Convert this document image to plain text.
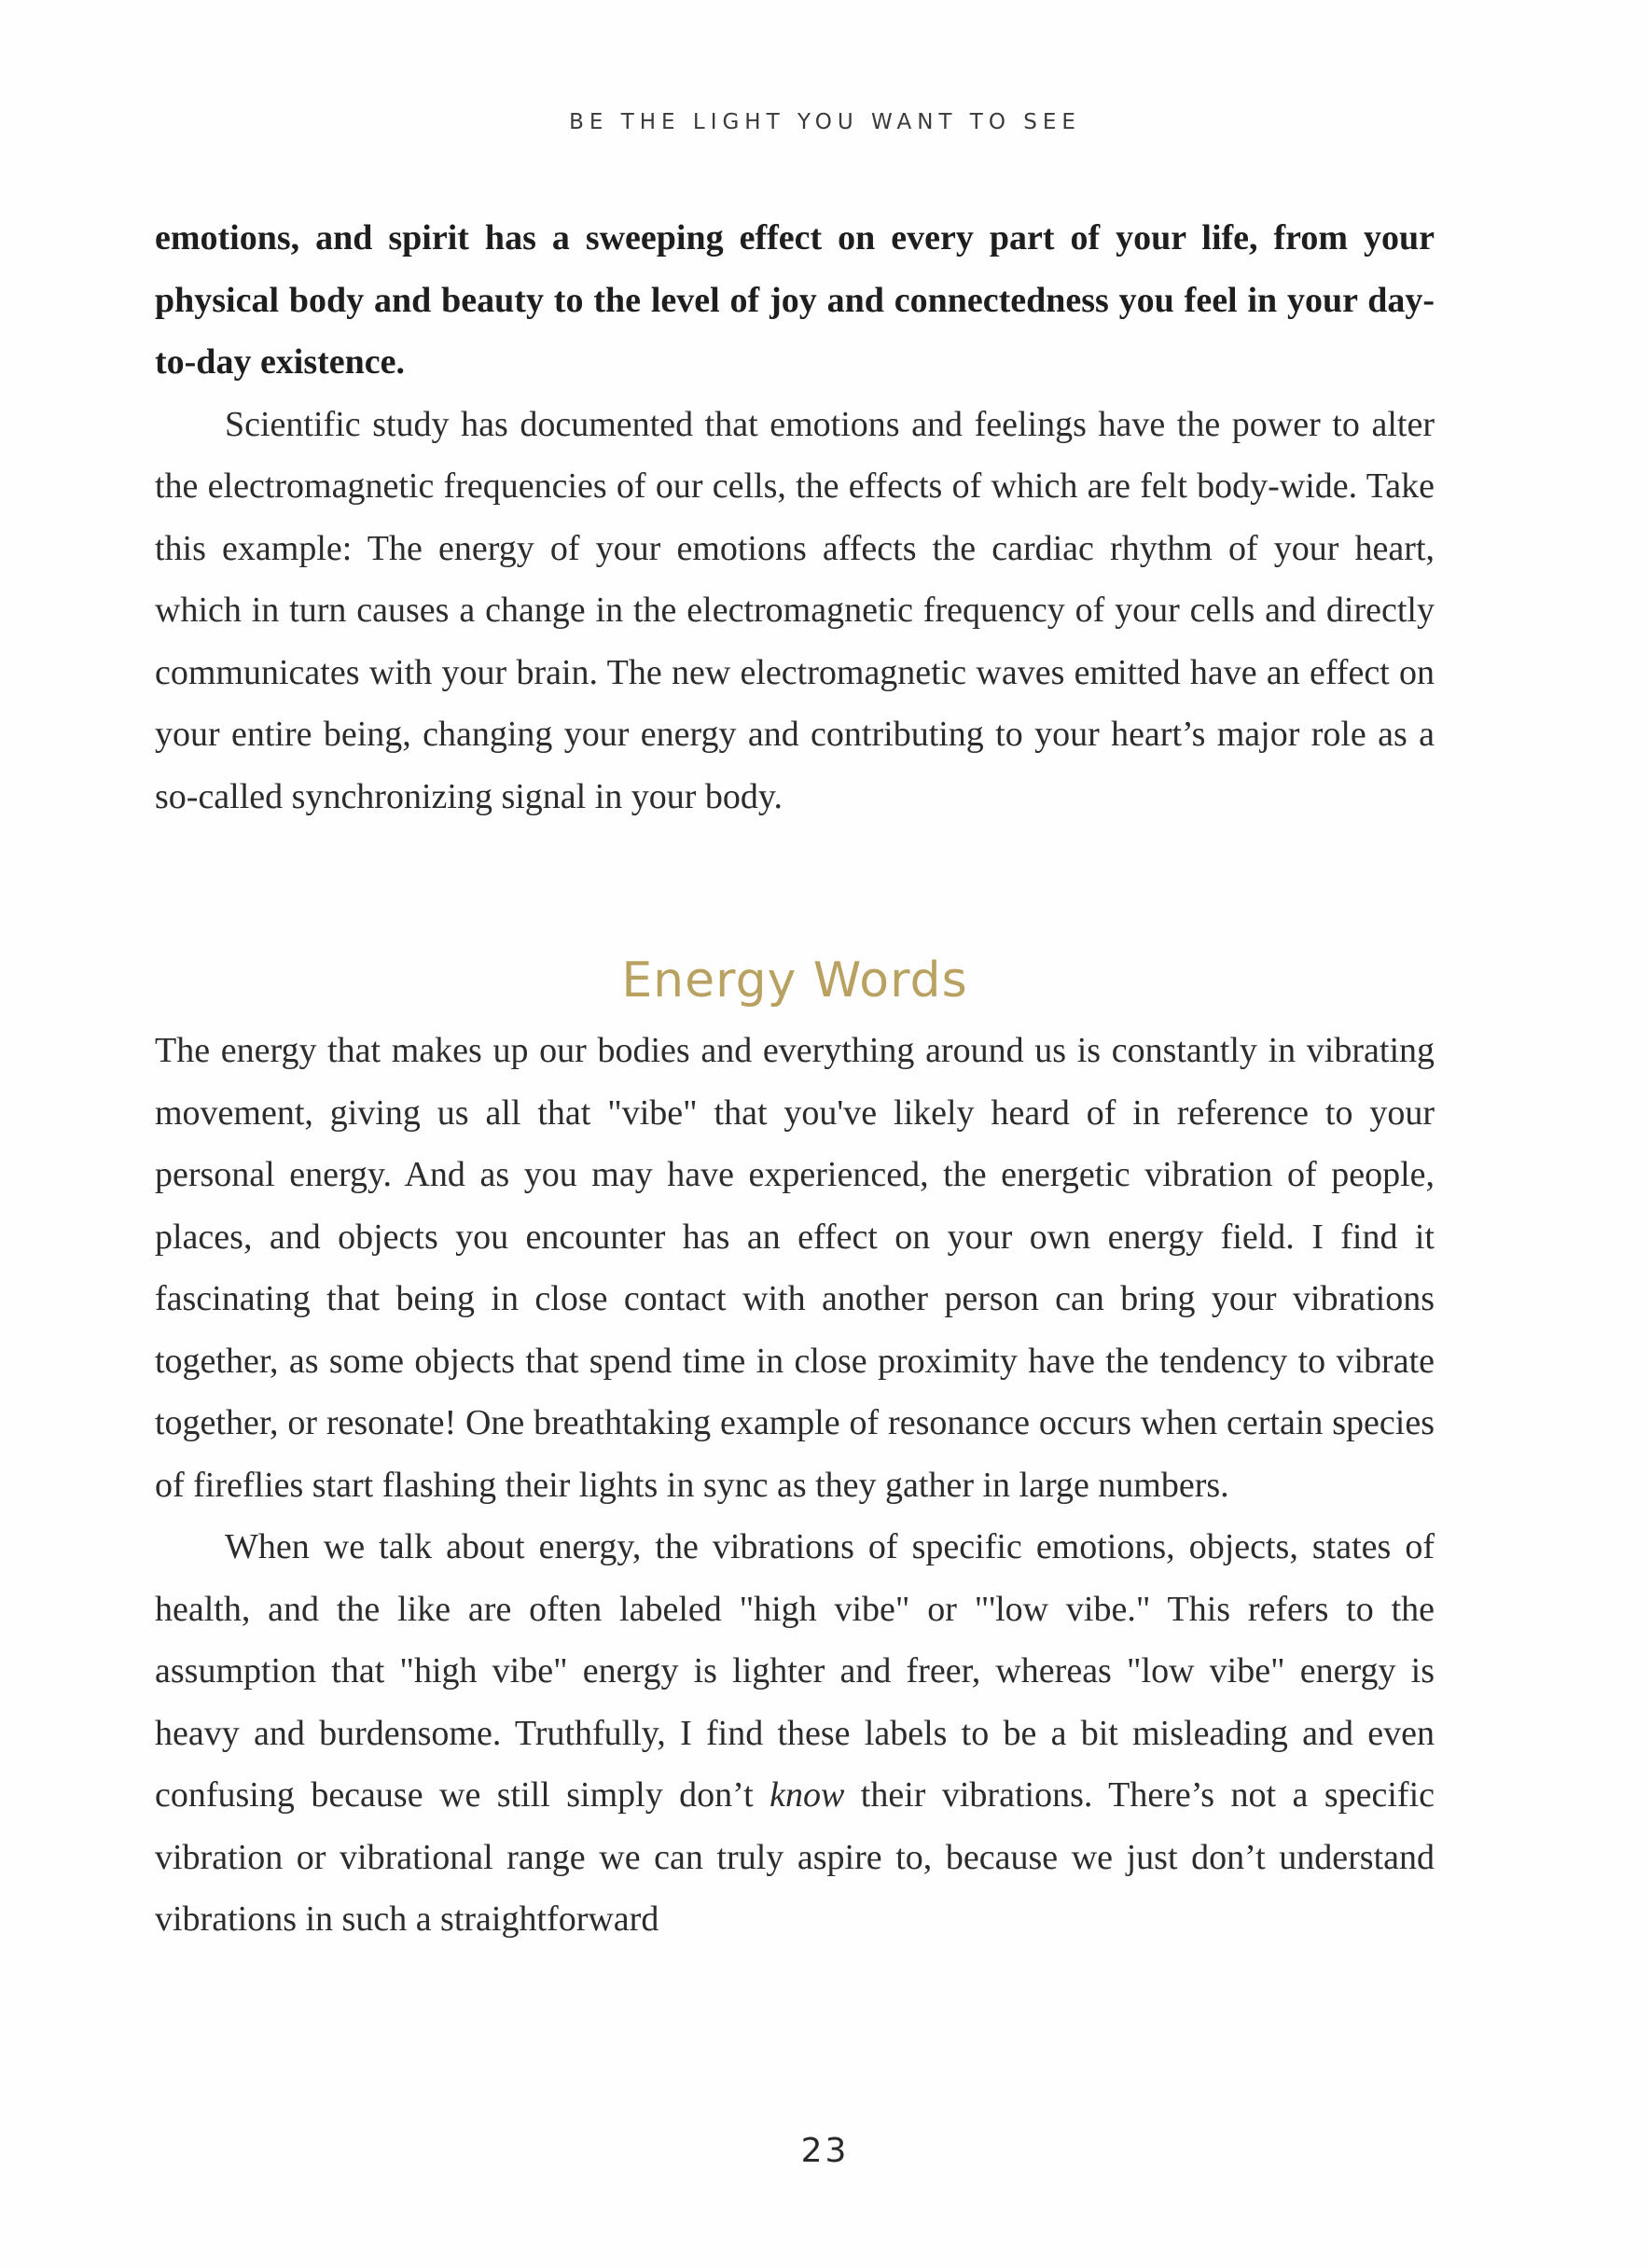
BE THE LIGHT YOU WANT TO SEE

emotions, and spirit has a sweeping effect on every part of your life, from your physical body and beauty to the level of joy and connectedness you feel in your day-to-day existence.

Scientific study has documented that emotions and feelings have the power to alter the electromagnetic frequencies of our cells, the effects of which are felt body-wide. Take this example: The energy of your emotions affects the cardiac rhythm of your heart, which in turn causes a change in the electromagnetic frequency of your cells and directly communicates with your brain. The new electromagnetic waves emitted have an effect on your entire being, changing your energy and contributing to your heart’s major role as a so-called synchronizing signal in your body.

Energy Words

The energy that makes up our bodies and everything around us is constantly in vibrating movement, giving us all that "vibe" that you've likely heard of in reference to your personal energy. And as you may have experienced, the energetic vibration of people, places, and objects you encounter has an effect on your own energy field. I find it fascinating that being in close contact with another person can bring your vibrations together, as some objects that spend time in close proximity have the tendency to vibrate together, or resonate! One breathtaking example of resonance occurs when certain species of fireflies start flashing their lights in sync as they gather in large numbers.

When we talk about energy, the vibrations of specific emotions, objects, states of health, and the like are often labeled "high vibe" or "'low vibe." This refers to the assumption that "high vibe" energy is lighter and freer, whereas "low vibe" energy is heavy and burdensome. Truthfully, I find these labels to be a bit misleading and even confusing because we still simply don’t know their vibrations. There’s not a specific vibration or vibrational range we can truly aspire to, because we just don’t understand vibrations in such a straightforward

23
